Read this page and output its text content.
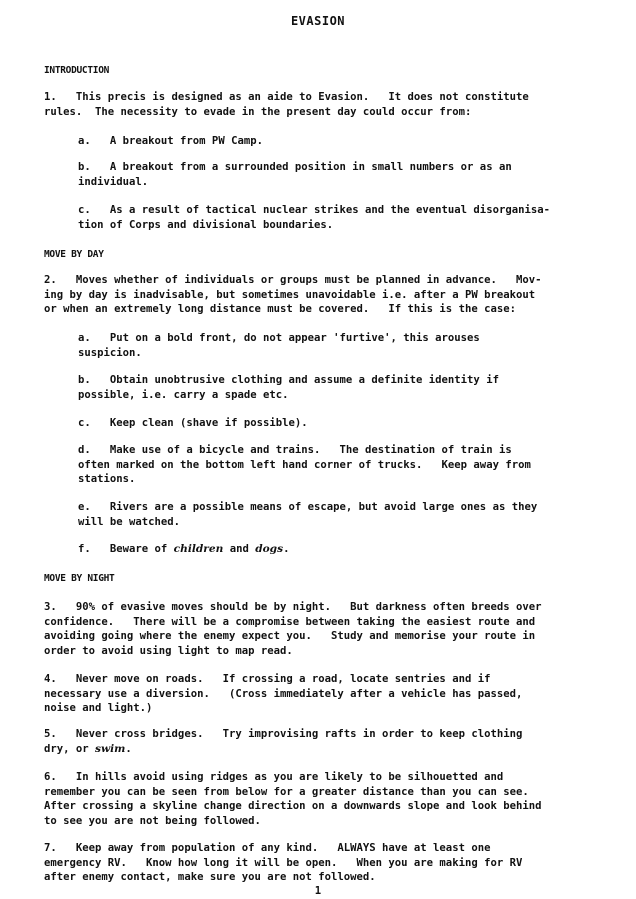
EVASION
INTRODUCTION
1.   This precis is designed as an aide to Evasion.   It does not constitute
rules.  The necessity to evade in the present day could occur from:
a.   A breakout from PW Camp.
b.   A breakout from a surrounded position in small numbers or as an
individual.
c.   As a result of tactical nuclear strikes and the eventual disorganisa-
tion of Corps and divisional boundaries.
MOVE BY DAY
2.   Moves whether of individuals or groups must be planned in advance.   Mov-
ing by day is inadvisable, but sometimes unavoidable i.e. after a PW breakout
or when an extremely long distance must be covered.   If this is the case:
a.   Put on a bold front, do not appear 'furtive', this arouses
suspicion.
b.   Obtain unobtrusive clothing and assume a definite identity if
possible, i.e. carry a spade etc.
c.   Keep clean (shave if possible).
d.   Make use of a bicycle and trains.   The destination of train is
often marked on the bottom left hand corner of trucks.   Keep away from
stations.
e.   Rivers are a possible means of escape, but avoid large ones as they
will be watched.
f.   Beware of children and dogs.
MOVE BY NIGHT
3.   90% of evasive moves should be by night.   But darkness often breeds over
confidence.   There will be a compromise between taking the easiest route and
avoiding going where the enemy expect you.   Study and memorise your route in
order to avoid using light to map read.
4.   Never move on roads.   If crossing a road, locate sentries and if
necessary use a diversion.   (Cross immediately after a vehicle has passed,
noise and light.)
5.   Never cross bridges.   Try improvising rafts in order to keep clothing
dry, or swim.
6.   In hills avoid using ridges as you are likely to be silhouetted and
remember you can be seen from below for a greater distance than you can see.
After crossing a skyline change direction on a downwards slope and look behind
to see you are not being followed.
7.   Keep away from population of any kind.   ALWAYS have at least one
emergency RV.   Know how long it will be open.   When you are making for RV
after enemy contact, make sure you are not followed.
1
